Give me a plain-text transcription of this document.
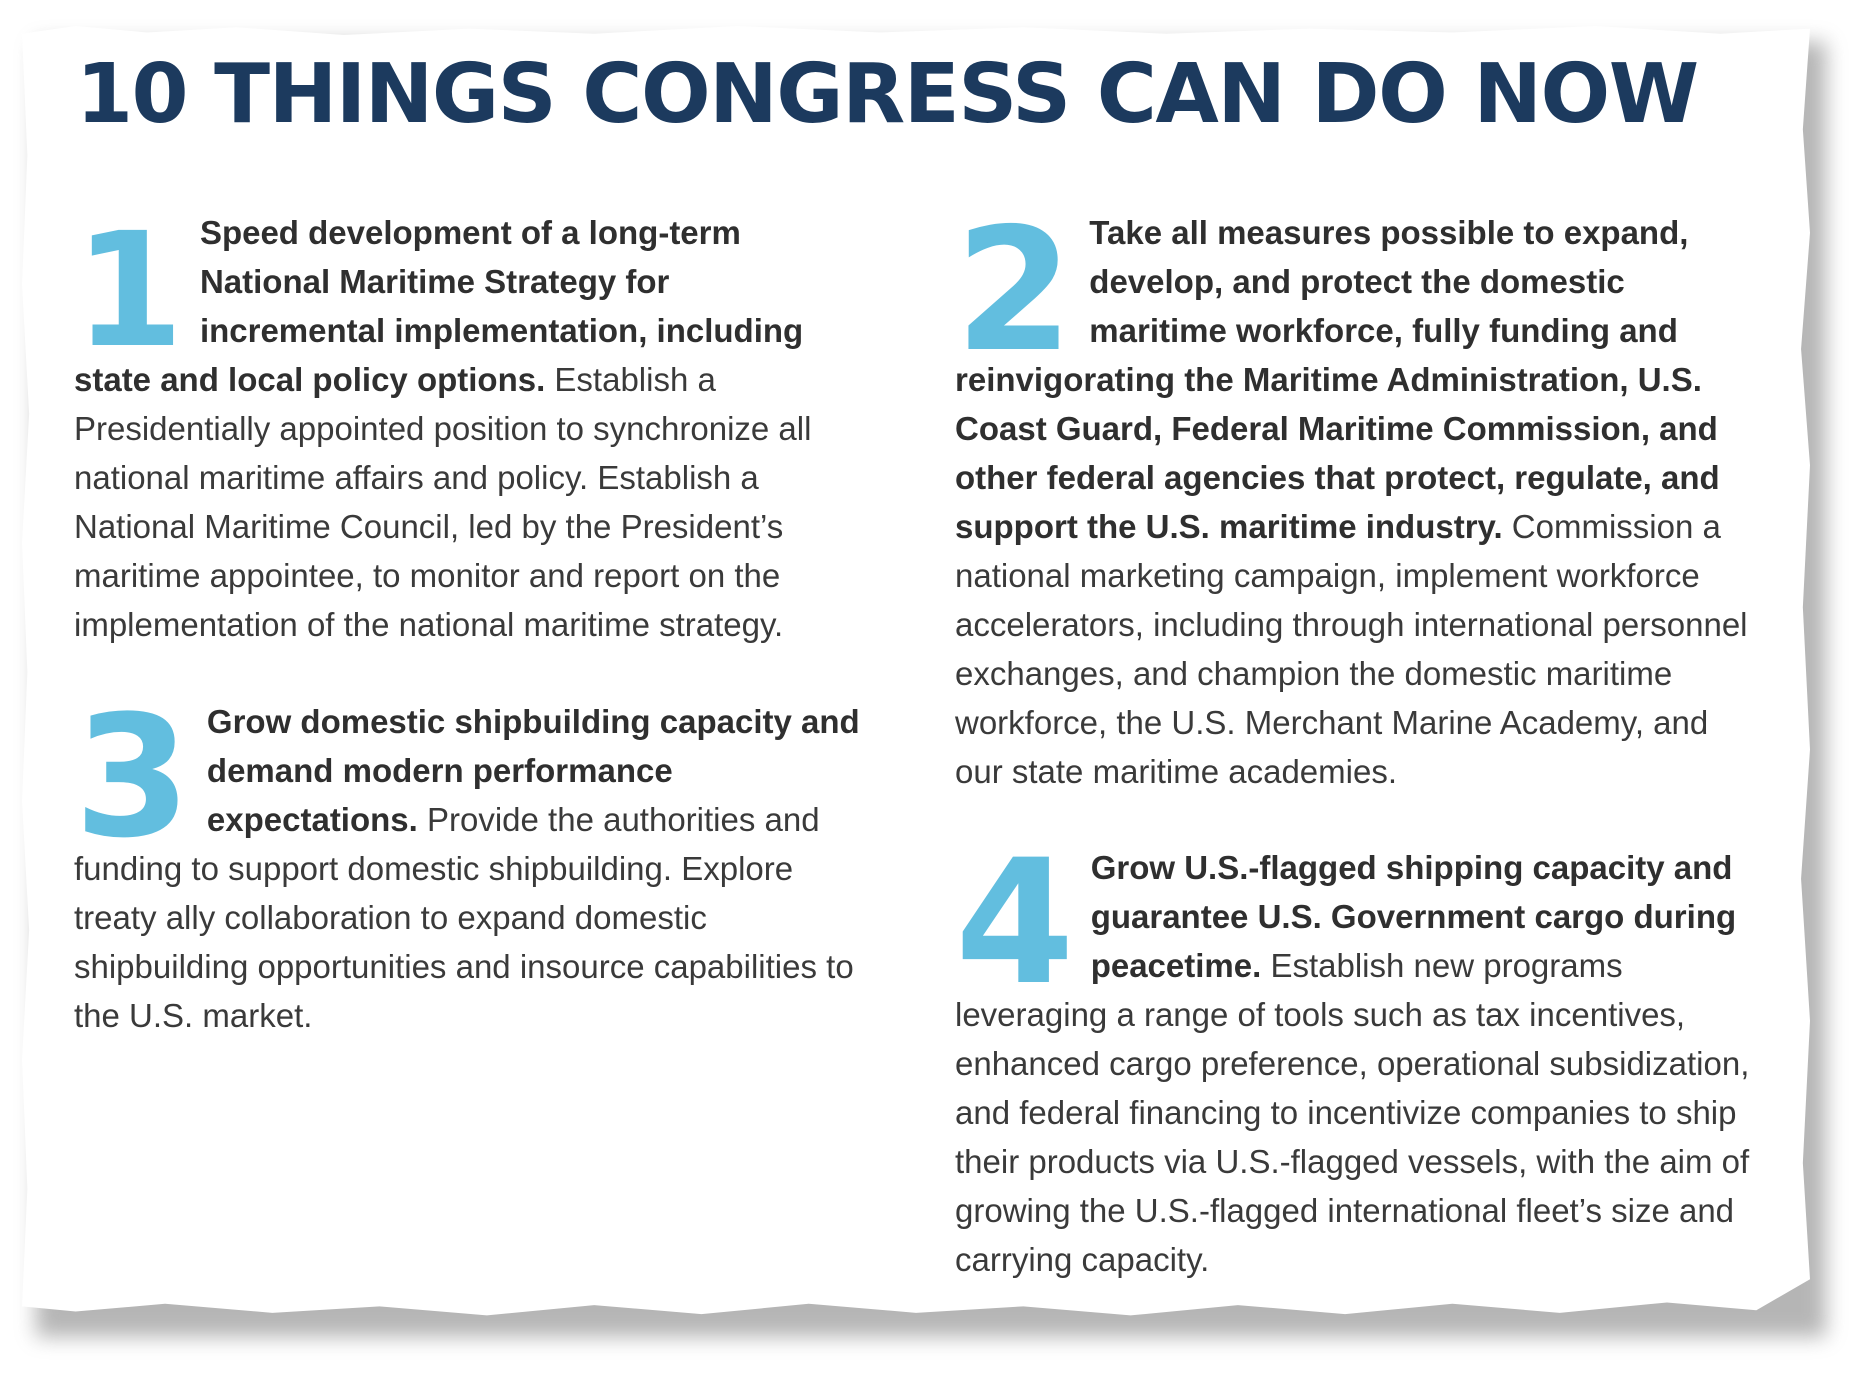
10 THINGS CONGRESS CAN DO NOW
1 Speed development of a long-term National Maritime Strategy for incremental implementation, including state and local policy options. Establish a Presidentially appointed position to synchronize all national maritime affairs and policy. Establish a National Maritime Council, led by the President’s maritime appointee, to monitor and report on the implementation of the national maritime strategy.
2 Take all measures possible to expand, develop, and protect the domestic maritime workforce, fully funding and reinvigorating the Maritime Administration, U.S. Coast Guard, Federal Maritime Commission, and other federal agencies that protect, regulate, and support the U.S. maritime industry. Commission a national marketing campaign, implement workforce accelerators, including through international personnel exchanges, and champion the domestic maritime workforce, the U.S. Merchant Marine Academy, and our state maritime academies.
3 Grow domestic shipbuilding capacity and demand modern performance expectations. Provide the authorities and funding to support domestic shipbuilding. Explore treaty ally collaboration to expand domestic shipbuilding opportunities and insource capabilities to the U.S. market.	4 Grow U.S.-flagged shipping capacity and guarantee U.S. Government cargo during peacetime. Establish new programs leveraging a range of tools such as tax incentives, enhanced cargo preference, operational subsidization, and federal financing to incentivize companies to ship their products via U.S.-flagged vessels, with the aim of growing the U.S.-flagged international fleet’s size and carrying capacity.
